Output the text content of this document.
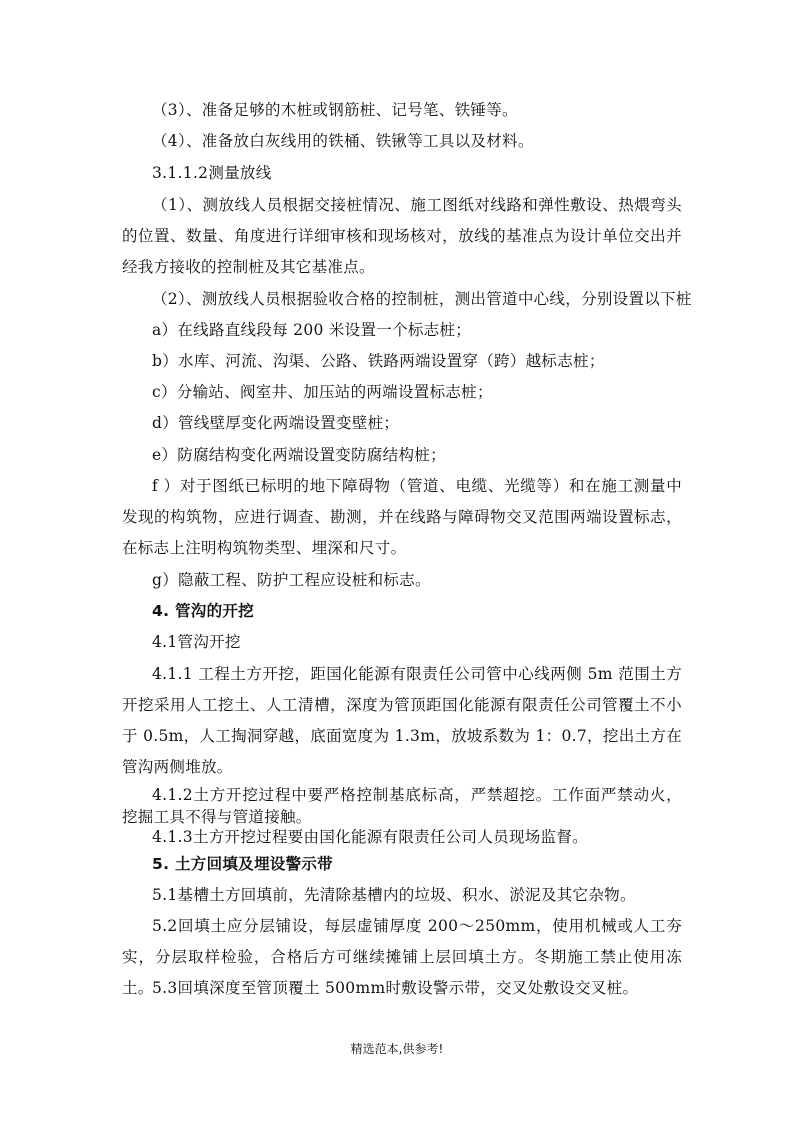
（3）、准备足够的木桩或钢筋桩、记号笔、铁锤等。
（4）、准备放白灰线用的铁桶、铁锹等工具以及材料。
3.1.1.2测量放线
（1）、测放线人员根据交接桩情况、施工图纸对线路和弹性敷设、热煨弯头的位置、数量、角度进行详细审核和现场核对，放线的基准点为设计单位交出并经我方接收的控制桩及其它基准点。
（2）、测放线人员根据验收合格的控制桩，测出管道中心线，分别设置以下桩
a）在线路直线段每 200 米设置一个标志桩；
b）水库、河流、沟渠、公路、铁路两端设置穿（跨）越标志桩；
c）分输站、阀室井、加压站的两端设置标志桩；
d）管线壁厚变化两端设置变壁桩；
e）防腐结构变化两端设置变防腐结构桩；
f ）对于图纸已标明的地下障碍物（管道、电缆、光缆等）和在施工测量中发现的构筑物，应进行调查、勘测，并在线路与障碍物交叉范围两端设置标志，在标志上注明构筑物类型、埋深和尺寸。
g）隐蔽工程、防护工程应设桩和标志。
4. 管沟的开挖
4.1管沟开挖
4.1.1 工程土方开挖，距国化能源有限责任公司管中心线两侧 5m 范围土方开挖采用人工挖土、人工清槽，深度为管顶距国化能源有限责任公司管覆土不小于 0.5m，人工掏洞穿越，底面宽度为 1.3m，放坡系数为 1：0.7，挖出土方在管沟两侧堆放。
4.1.2土方开挖过程中要严格控制基底标高，严禁超挖。工作面严禁动火，挖掘工具不得与管道接触。
4.1.3土方开挖过程要由国化能源有限责任公司人员现场监督。
5. 土方回填及埋设警示带
5.1基槽土方回填前，先清除基槽内的垃圾、积水、淤泥及其它杂物。
5.2回填土应分层铺设，每层虚铺厚度 200～250mm，使用机械或人工夯实，分层取样检验，合格后方可继续摊铺上层回填土方。冬期施工禁止使用冻土。
5.3回填深度至管顶覆土 500mm时敷设警示带，交叉处敷设交叉桩。
精选范本,供参考!
